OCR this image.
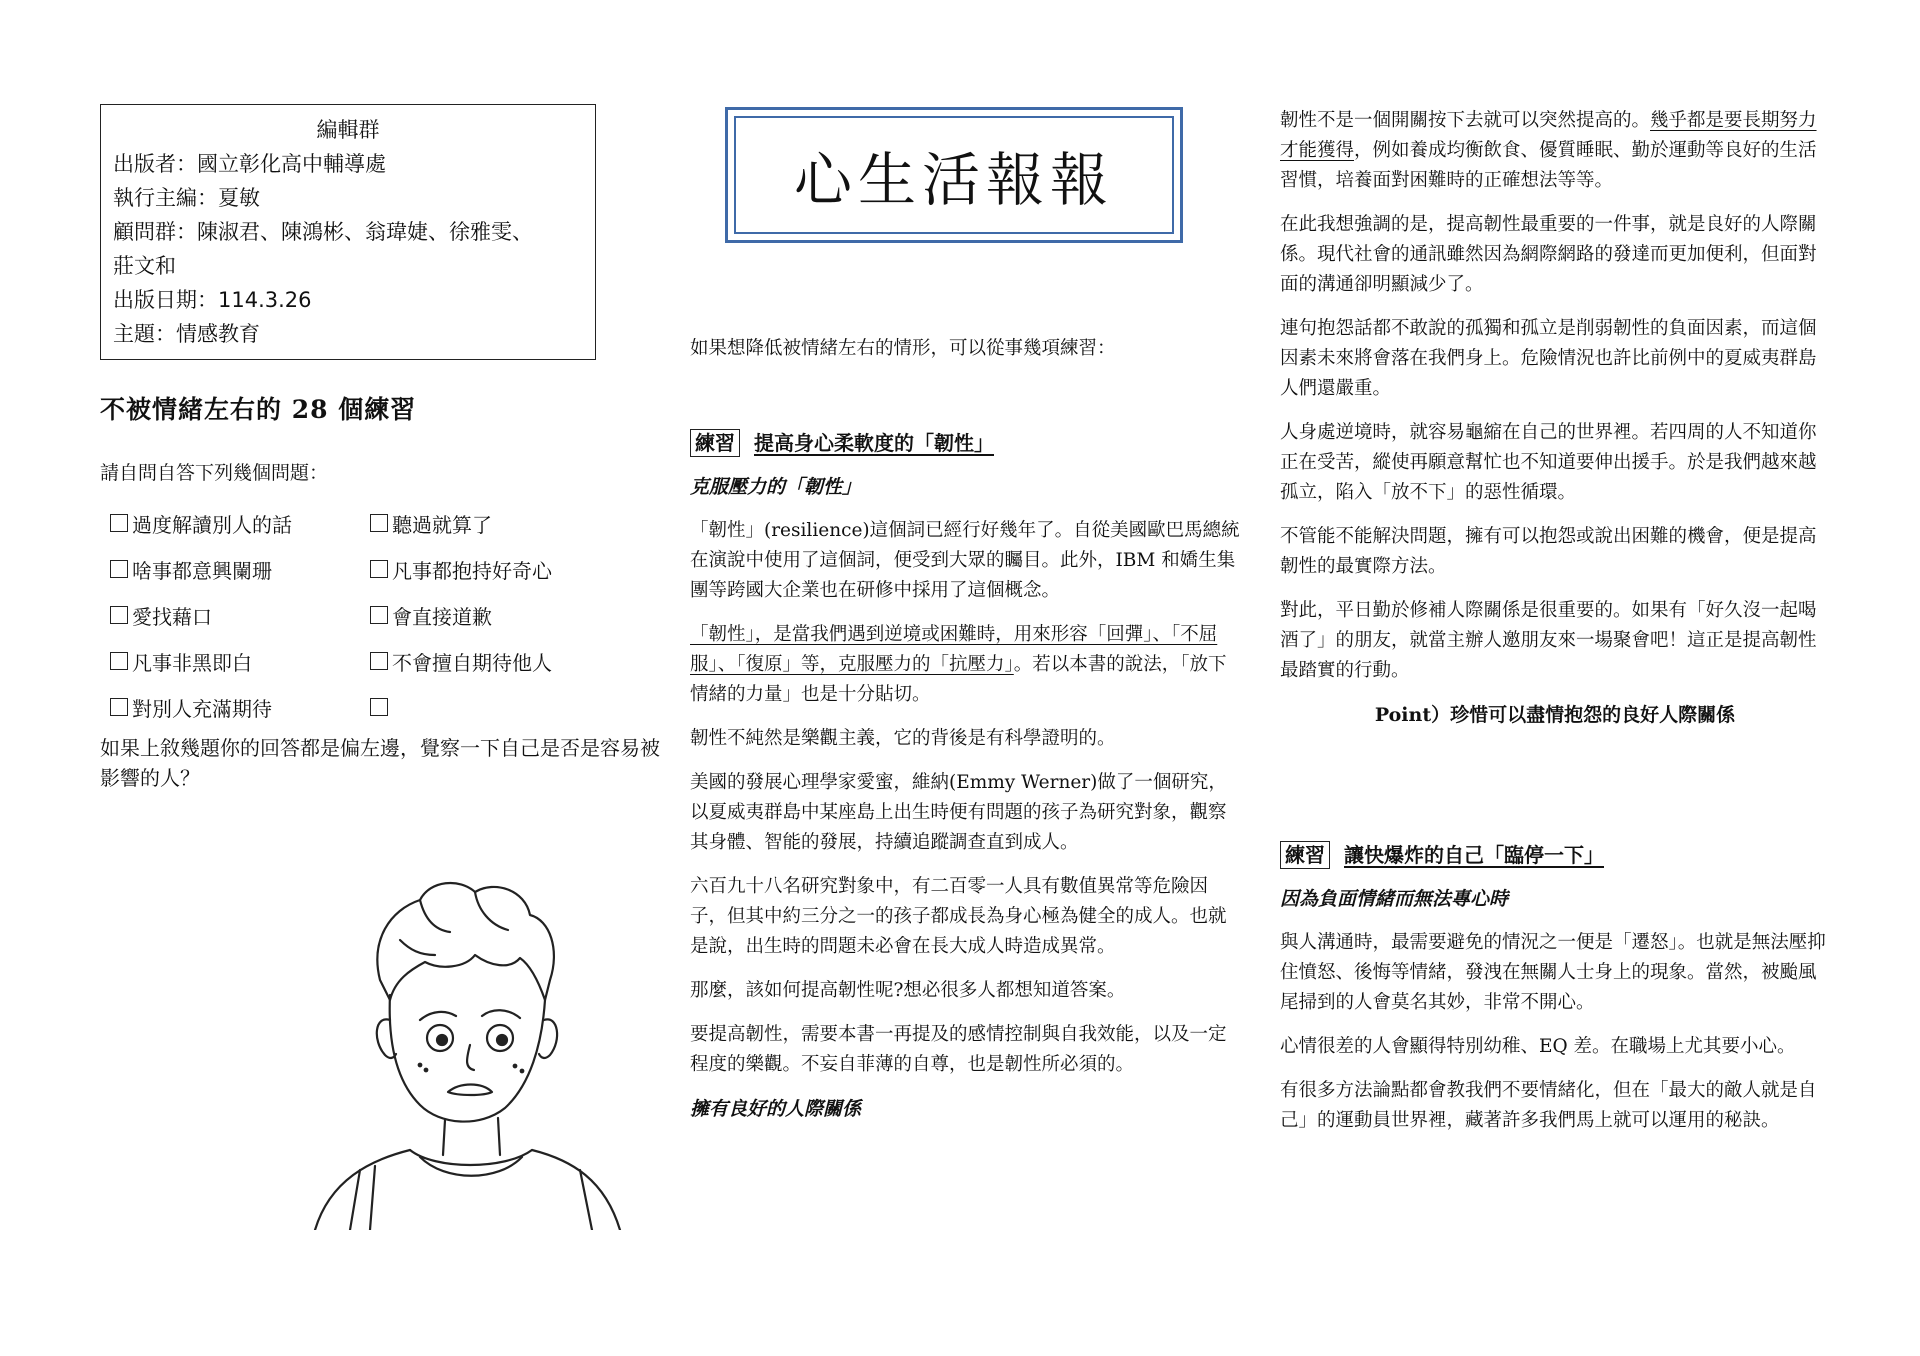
編輯群
出版者：國立彰化高中輔導處
執行主編：夏敏
顧問群：陳淑君、陳鴻彬、翁瑋婕、徐雅雯、
莊文和
出版日期：114.3.26
主題：情感教育
不被情緒左右的 28 個練習
請自問自答下列幾個問題：
過度解讀別人的話	聽過就算了
啥事都意興闌珊	凡事都抱持好奇心
愛找藉口	會直接道歉
凡事非黑即白	不會擅自期待他人
對別人充滿期待
如果上敘幾題你的回答都是偏左邊，覺察一下自己是否是容易被影響的人？
心生活報報

如果想降低被情緒左右的情形，可以從事幾項練習：

練習 提高身心柔軟度的「韌性」

克服壓力的「韌性」

「韌性」(resilience)這個詞已經行好幾年了。自從美國歐巴馬總統在演說中使用了這個詞，便受到大眾的矚目。此外，IBM 和嬌生集團等跨國大企業也在研修中採用了這個概念。

「韌性」，是當我們遇到逆境或困難時，用來形容「回彈」、「不屈服」、「復原」等，克服壓力的「抗壓力」。若以本書的說法，「放下情緒的力量」也是十分貼切。

韌性不純然是樂觀主義，它的背後是有科學證明的。

美國的發展心理學家愛蜜，維納(Emmy Werner)做了一個研究，以夏威夷群島中某座島上出生時便有問題的孩子為研究對象，觀察其身體、智能的發展，持續追蹤調查直到成人。

六百九十八名研究對象中，有二百零一人具有數值異常等危險因子，但其中約三分之一的孩子都成長為身心極為健全的成人。也就是說，出生時的問題未必會在長大成人時造成異常。

那麼，該如何提高韌性呢?想必很多人都想知道答案。

要提高韌性，需要本書一再提及的感情控制與自我效能，以及一定程度的樂觀。不妄自菲薄的自尊，也是韌性所必須的。

擁有良好的人際關係

韌性不是一個開關按下去就可以突然提高的。幾乎都是要長期努力才能獲得，例如養成均衡飲食、優質睡眠、勤於運動等良好的生活習慣，培養面對困難時的正確想法等等。

在此我想強調的是，提高韌性最重要的一件事，就是良好的人際關係。現代社會的通訊雖然因為網際網路的發達而更加便利，但面對面的溝通卻明顯減少了。

連句抱怨話都不敢說的孤獨和孤立是削弱韌性的負面因素，而這個因素未來將會落在我們身上。危險情況也許比前例中的夏威夷群島人們還嚴重。

人身處逆境時，就容易龜縮在自己的世界裡。若四周的人不知道你正在受苦，縱使再願意幫忙也不知道要伸出援手。於是我們越來越孤立，陷入「放不下」的惡性循環。

不管能不能解決問題，擁有可以抱怨或說出困難的機會，便是提高韌性的最實際方法。

對此，平日勤於修補人際關係是很重要的。如果有「好久沒一起喝酒了」的朋友，就當主辦人邀朋友來一場聚會吧！這正是提高韌性最踏實的行動。

Point）珍惜可以盡情抱怨的良好人際關係

練習 讓快爆炸的自己「臨停一下」

因為負面情緒而無法專心時

與人溝通時，最需要避免的情況之一便是「遷怒」。也就是無法壓抑住憤怒、後悔等情緒，發洩在無關人士身上的現象。當然，被颱風尾掃到的人會莫名其妙，非常不開心。

心情很差的人會顯得特別幼稚、EQ 差。在職場上尤其要小心。

有很多方法論點都會教我們不要情緒化，但在「最大的敵人就是自己」的運動員世界裡，藏著許多我們馬上就可以運用的秘訣。
